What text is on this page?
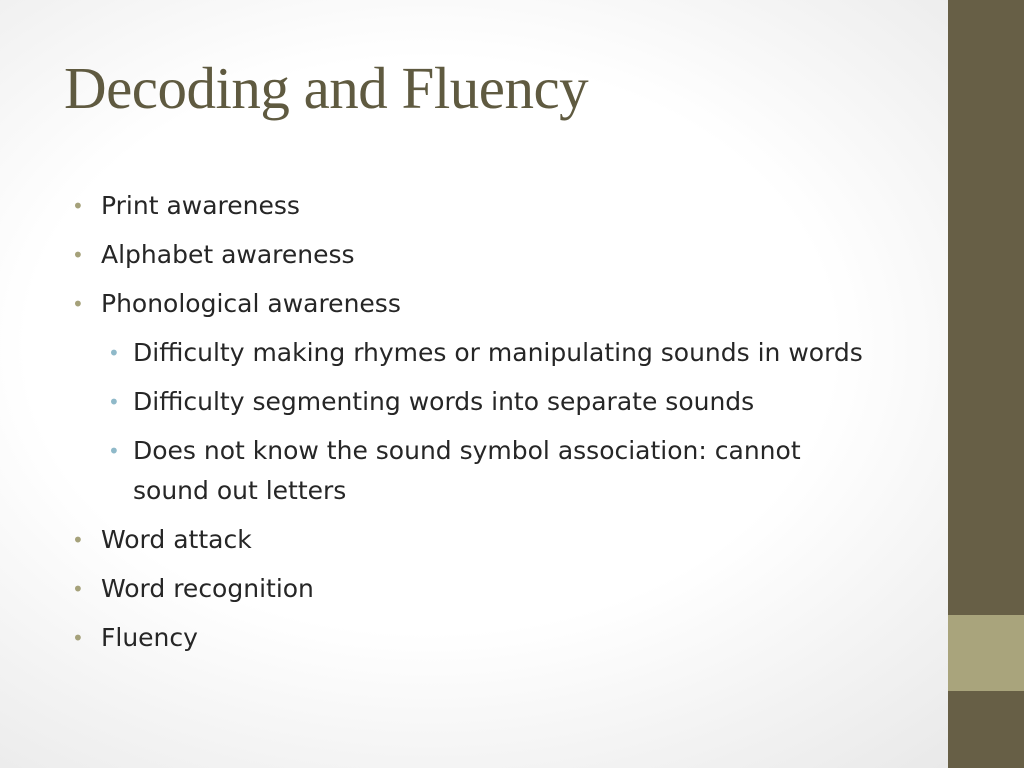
Decoding and Fluency
• Print awareness
• Alphabet awareness
• Phonological awareness
• Difficulty making rhymes or manipulating sounds in words
• Difficulty segmenting words into separate sounds
• Does not know the sound symbol association: cannot sound out letters
• Word attack
• Word recognition
• Fluency
